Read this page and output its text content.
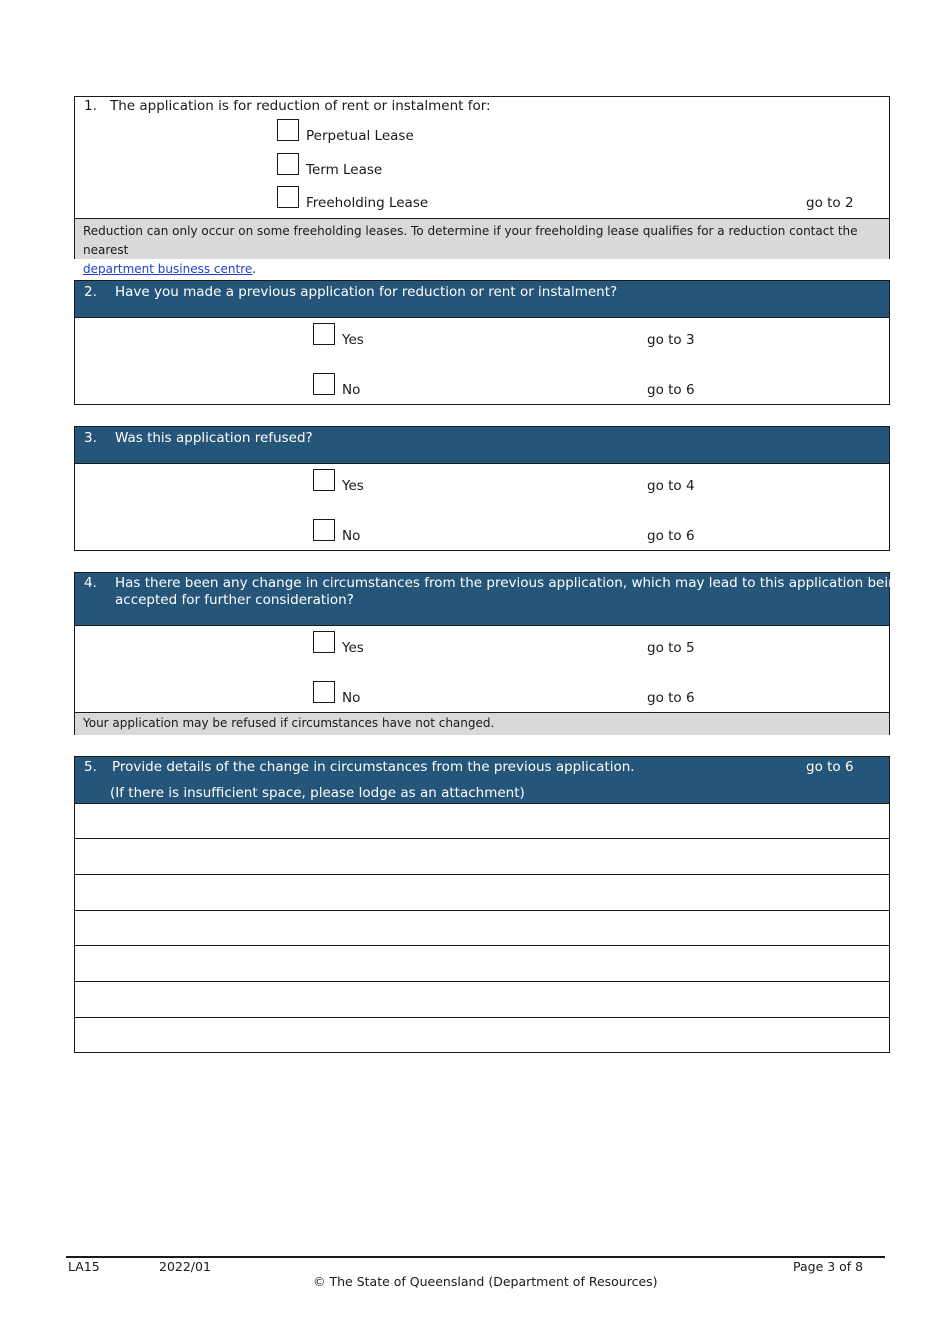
1. The application is for reduction of rent or instalment for:
Perpetual Lease
Term Lease
Freeholding Lease	go to 2
Reduction can only occur on some freeholding leases. To determine if your freeholding lease qualifies for a reduction contact the nearest
department business centre.
2. Have you made a previous application for reduction or rent or instalment?
Yes	go to 3
No	go to 6
3. Was this application refused?
Yes	go to 4
No	go to 6
4. Has there been any change in circumstances from the previous application, which may lead to this application being
accepted for further consideration?
Yes	go to 5
No	go to 6
Your application may be refused if circumstances have not changed.
5. Provide details of the change in circumstances from the previous application.	go to 6
(If there is insufficient space, please lodge as an attachment)
LA15	2022/01	Page 3 of 8
© The State of Queensland (Department of Resources)
